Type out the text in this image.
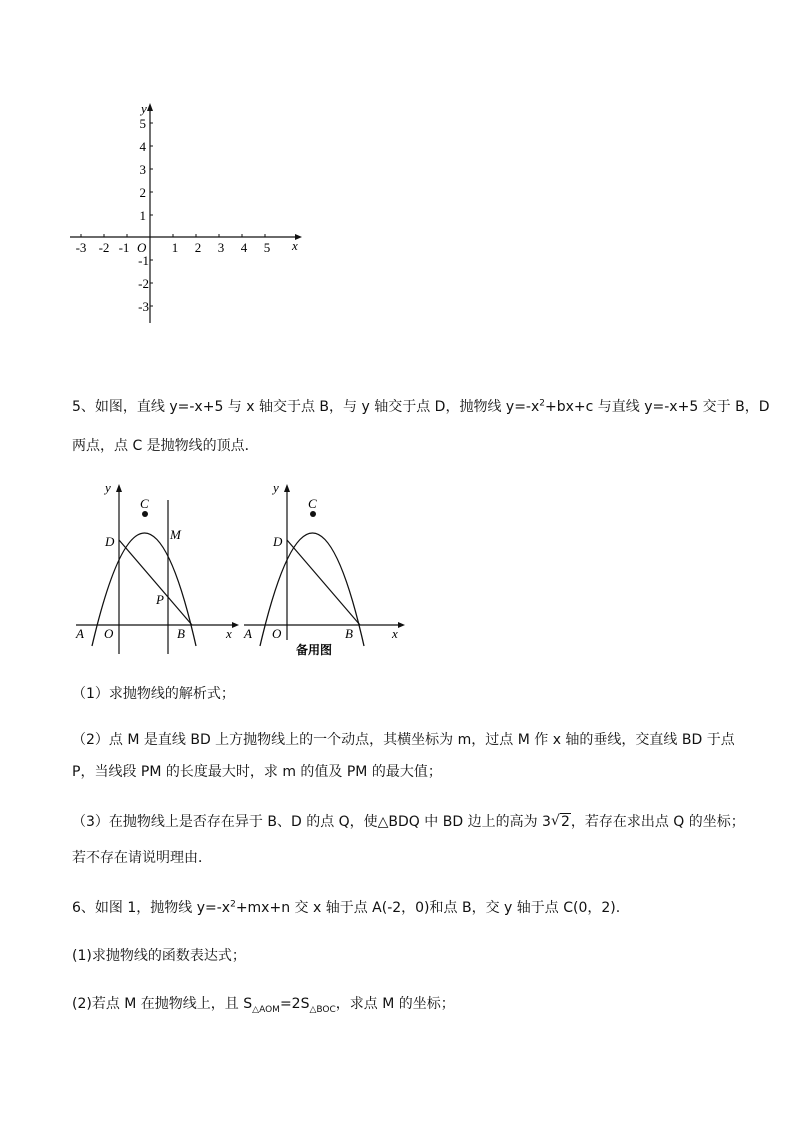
-3 -2 -1	1 2 3 4 5
O	x
5
4
3
2
1
-1
-2
-3
y
5、如图，直线 y=-x+5 与 x 轴交于点 B，与 y 轴交于点 D，抛物线 $y=-x^2+bx+c$ 与直线 y=-x+5 交于 B，D
两点，点 C 是抛物线的顶点．
y
x
C
M
D
P
A O	B
y
x
C
D
A O	B
备用图
（1）求抛物线的解析式；
（2）点 M 是直线 BD 上方抛物线上的一个动点，其横坐标为 m，过点 M 作 x 轴的垂线，交直线 BD 于点
P，当线段 PM 的长度最大时，求 m 的值及 PM 的最大值；
（3）在抛物线上是否存在异于 B、D 的点 Q，使△BDQ 中 BD 边上的高为 3√ 2，若存在求出点 Q 的坐标；
若不存在请说明理由．
6、如图 1，抛物线 $y=-x^2+mx+n$ 交 x 轴于点 A(-2，0)和点 B，交 y 轴于点 C(0，2).
(1)求抛物线的函数表达式；
(2)若点 M 在抛物线上，且 $S_{\triangle AOM}=2S_{\triangle BOC}$，求点 M 的坐标；
